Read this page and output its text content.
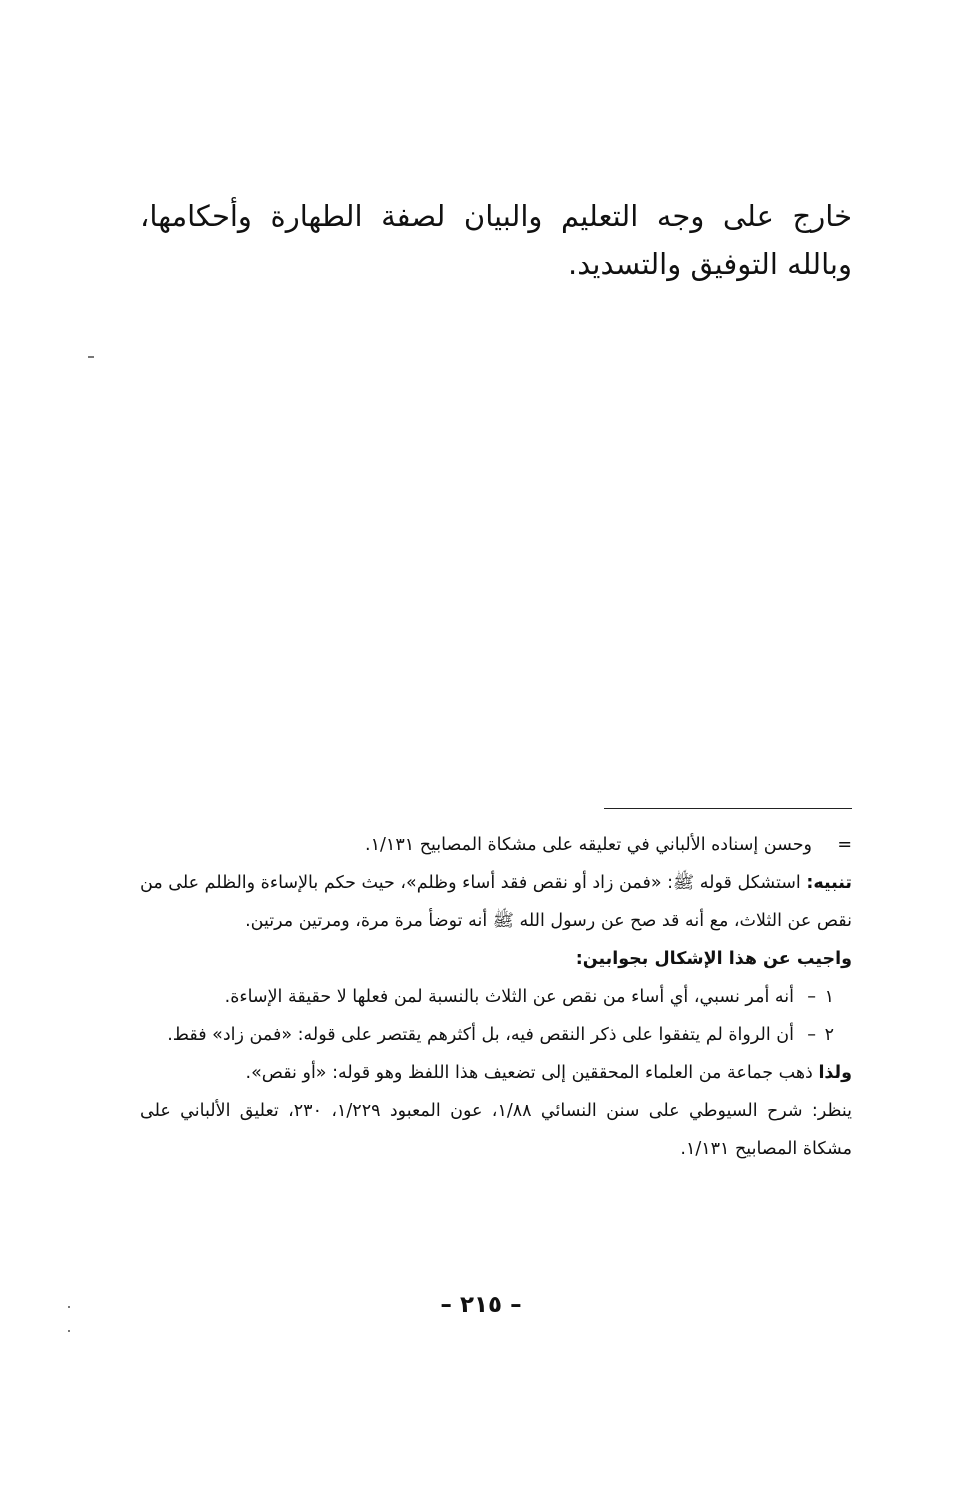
خارج على وجه التعليم والبيان لصفة الطهارة وأحكامها، وبالله التوفيق والتسديد.

=
وحسن إسناده الألباني في تعليقه على مشكاة المصابيح ١/١٣١.

تنبيه: استشكل قوله ﷺ: «فمن زاد أو نقص فقد أساء وظلم»، حيث حكم بالإساءة والظلم على من نقص عن الثلاث، مع أنه قد صح عن رسول الله ﷺ أنه توضأ مرة مرة، ومرتين مرتين.

واجيب عن هذا الإشكال بجوابين:

١
–
أنه أمر نسبي، أي أساء من نقص عن الثلاث بالنسبة لمن فعلها لا حقيقة الإساءة.

٢
–
أن الرواة لم يتفقوا على ذكر النقص فيه، بل أكثرهم يقتصر على قوله: «فمن زاد» فقط.

ولذا ذهب جماعة من العلماء المحققين إلى تضعيف هذا اللفظ وهو قوله: «أو نقص».

ينظر: شرح السيوطي على سنن النسائي ١/٨٨، عون المعبود ١/٢٢٩، ٢٣٠، تعليق الألباني على مشكاة المصابيح ١/١٣١.

– ٢١٥ –
